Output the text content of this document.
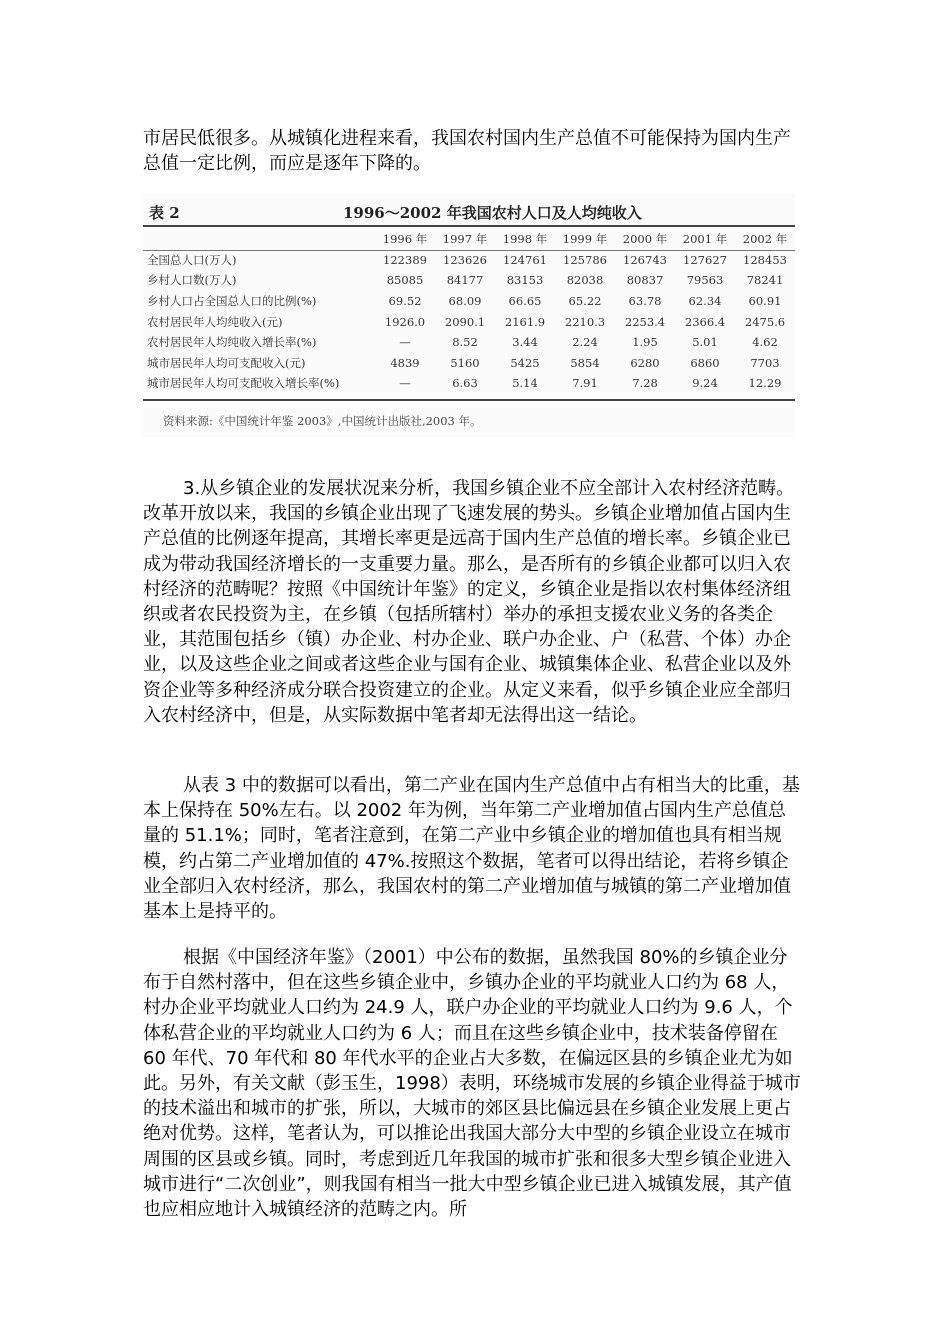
市居民低很多。从城镇化进程来看，我国农村国内生产总值不可能保持为国内生产总值一定比例，而应是逐年下降的。

表 2	1996～2002 年我国农村人口及人均纯收入
	1996 年	1997 年	1998 年	1999 年	2000 年	2001 年	2002 年
全国总人口(万人)	122389	123626	124761	125786	126743	127627	128453
乡村人口数(万人)	85085	84177	83153	82038	80837	79563	78241
乡村人口占全国总人口的比例(%)	69.52	68.09	66.65	65.22	63.78	62.34	60.91
农村居民年人均纯收入(元)	1926.0	2090.1	2161.9	2210.3	2253.4	2366.4	2475.6
农村居民年人均纯收入增长率(%)	—	8.52	3.44	2.24	1.95	5.01	4.62
城市居民年人均可支配收入(元)	4839	5160	5425	5854	6280	6860	7703
城市居民年人均可支配收入增长率(%)	—	6.63	5.14	7.91	7.28	9.24	12.29
资料来源:《中国统计年鉴 2003》,中国统计出版社,2003 年。

3.从乡镇企业的发展状况来分析，我国乡镇企业不应全部计入农村经济范畴。改革开放以来，我国的乡镇企业出现了飞速发展的势头。乡镇企业增加值占国内生产总值的比例逐年提高，其增长率更是远高于国内生产总值的增长率。乡镇企业已成为带动我国经济增长的一支重要力量。那么，是否所有的乡镇企业都可以归入农村经济的范畴呢？按照《中国统计年鉴》的定义，乡镇企业是指以农村集体经济组织或者农民投资为主，在乡镇（包括所辖村）举办的承担支援农业义务的各类企业，其范围包括乡（镇）办企业、村办企业、联户办企业、户（私营、个体）办企业，以及这些企业之间或者这些企业与国有企业、城镇集体企业、私营企业以及外资企业等多种经济成分联合投资建立的企业。从定义来看，似乎乡镇企业应全部归入农村经济中，但是，从实际数据中笔者却无法得出这一结论。

从表 3 中的数据可以看出，第二产业在国内生产总值中占有相当大的比重，基本上保持在 50%左右。以 2002 年为例，当年第二产业增加值占国内生产总值总量的 51.1%；同时，笔者注意到，在第二产业中乡镇企业的增加值也具有相当规模，约占第二产业增加值的 47%.按照这个数据，笔者可以得出结论，若将乡镇企业全部归入农村经济，那么，我国农村的第二产业增加值与城镇的第二产业增加值基本上是持平的。

根据《中国经济年鉴》（2001）中公布的数据，虽然我国 80%的乡镇企业分布于自然村落中，但在这些乡镇企业中，乡镇办企业的平均就业人口约为 68 人，村办企业平均就业人口约为 24.9 人，联户办企业的平均就业人口约为 9.6 人，个体私营企业的平均就业人口约为 6 人；而且在这些乡镇企业中，技术装备停留在 60 年代、70 年代和 80 年代水平的企业占大多数，在偏远区县的乡镇企业尤为如此。另外，有关文献（彭玉生，1998）表明，环绕城市发展的乡镇企业得益于城市的技术溢出和城市的扩张，所以，大城市的郊区县比偏远县在乡镇企业发展上更占绝对优势。这样，笔者认为，可以推论出我国大部分大中型的乡镇企业设立在城市周围的区县或乡镇。同时，考虑到近几年我国的城市扩张和很多大型乡镇企业进入城市进行“二次创业”，则我国有相当一批大中型乡镇企业已进入城镇发展，其产值也应相应地计入城镇经济的范畴之内。所
